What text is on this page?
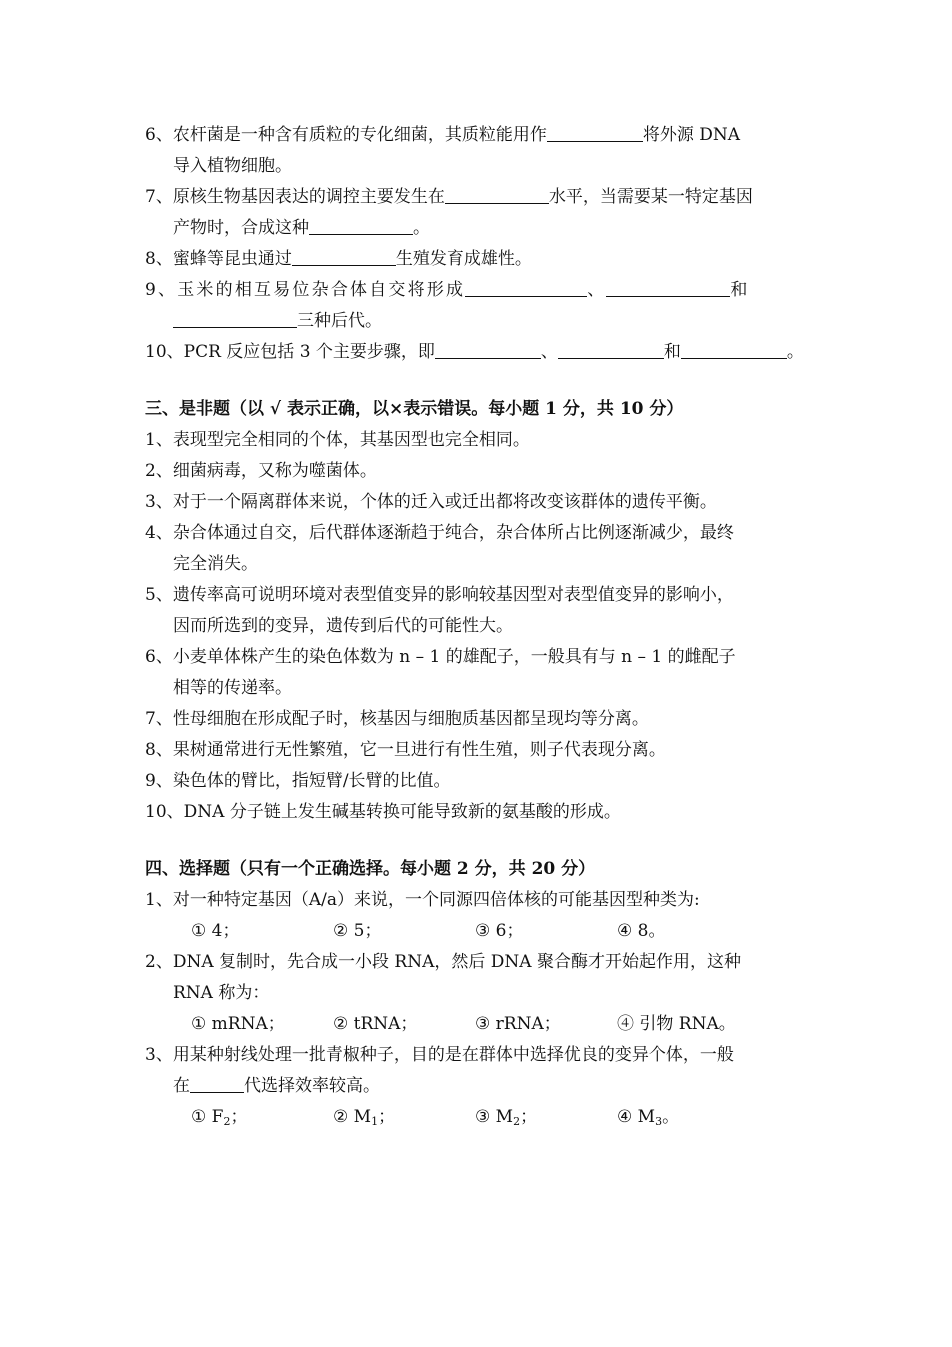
6、农杆菌是一种含有质粒的专化细菌，其质粒能用作	将外源 DNA
导入植物细胞。
7、原核生物基因表达的调控主要发生在	水平，当需要某一特定基因
产物时，合成这种	。
8、蜜蜂等昆虫通过	生殖发育成雄性。
9、玉米的相互易位杂合体自交将形成	、	和
三种后代。
10、PCR 反应包括 3 个主要步骤，即	、	和	。
三、是非题（以 √ 表示正确，以×表示错误。每小题 1 分，共 10 分）
1、表现型完全相同的个体，其基因型也完全相同。
2、细菌病毒，又称为噬菌体。
3、对于一个隔离群体来说，个体的迁入或迁出都将改变该群体的遗传平衡。
4、杂合体通过自交，后代群体逐渐趋于纯合，杂合体所占比例逐渐减少，最终
完全消失。
5、遗传率高可说明环境对表型值变异的影响较基因型对表型值变异的影响小，
因而所选到的变异，遗传到后代的可能性大。
6、小麦单体株产生的染色体数为 n – 1 的雄配子，一般具有与 n – 1 的雌配子
相等的传递率。
7、性母细胞在形成配子时，核基因与细胞质基因都呈现均等分离。
8、果树通常进行无性繁殖，它一旦进行有性生殖，则子代表现分离。
9、染色体的臂比，指短臂/长臂的比值。
10、DNA 分子链上发生碱基转换可能导致新的氨基酸的形成。
四、选择题（只有一个正确选择。每小题 2 分，共 20 分）
1、对一种特定基因（A/a）来说，一个同源四倍体核的可能基因型种类为:
① 4；	② 5；	③ 6；	④ 8。
2、DNA 复制时，先合成一小段 RNA，然后 DNA 聚合酶才开始起作用，这种
RNA 称为：
① mRNA；	② tRNA；	③ rRNA；	④ 引物 RNA。
3、用某种射线处理一批青椒种子，目的是在群体中选择优良的变异个体，一般
在	代选择效率较高。
① $F_2$；	② $M_1$；	③ $M_2$；	④ $M_3$。
